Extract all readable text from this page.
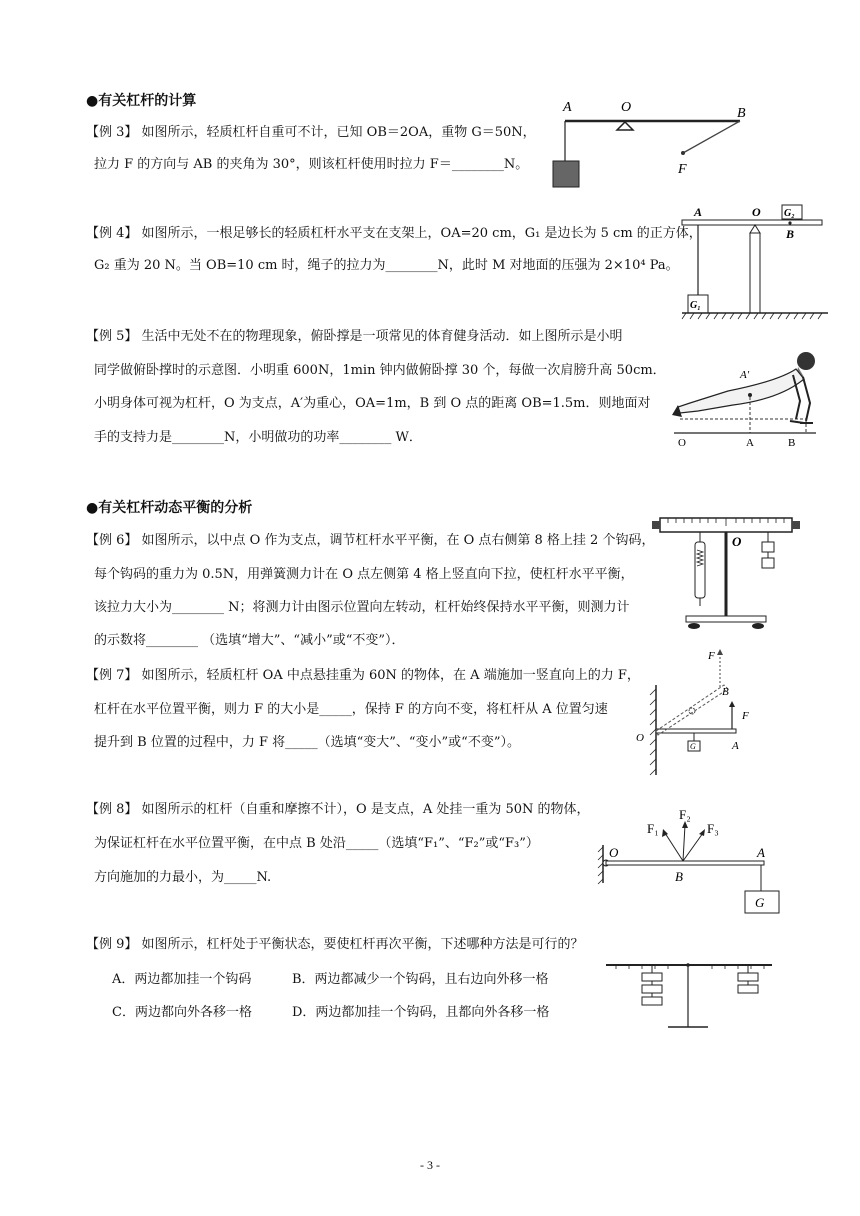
●有关杠杆的计算
【例 3】 如图所示，轻质杠杆自重可不计，已知 OB＝2OA，重物 G＝50N，
拉力 F 的方向与 AB 的夹角为 30°，则该杠杆使用时拉力 F＝________N。
A	O	B
F
【例 4】 如图所示，一根足够长的轻质杠杆水平支在支架上，OA=20 cm，G₁ 是边长为 5 cm 的正方体，
G₂ 重为 20 N。当 OB=10 cm 时，绳子的拉力为________N，此时 M 对地面的压强为 2×10⁴ Pa。
A	O G₂
B
G₁
【例 5】 生活中无处不在的物理现象，俯卧撑是一项常见的体育健身活动．如上图所示是小明
同学做俯卧撑时的示意图．小明重 600N，1min 钟内做俯卧撑 30 个，每做一次肩膀升高 50cm．
小明身体可视为杠杆，O 为支点，A′为重心，OA=1m，B 到 O 点的距离 OB=1.5m．则地面对
手的支持力是________N，小明做功的功率________ W．
A′
O	A	B
●有关杠杆动态平衡的分析
【例 6】 如图所示，以中点 O 作为支点，调节杠杆水平平衡，在 O 点右侧第 8 格上挂 2 个钩码，
每个钩码的重力为 0.5N，用弹簧测力计在 O 点左侧第 4 格上竖直向下拉，使杠杆水平平衡，
该拉力大小为________ N；将测力计由图示位置向左转动，杠杆始终保持水平平衡，则测力计
的示数将________ （选填“增大”、“减小”或“不变”）．
O
【例 7】 如图所示，轻质杠杆 OA 中点悬挂重为 60N 的物体，在 A 端施加一竖直向上的力 F，
杠杆在水平位置平衡，则力 F 的大小是_____，保持 F 的方向不变，将杠杆从 A 位置匀速
提升到 B 位置的过程中，力 F 将_____（选填“变大”、“变小”或“不变”）。	O
F
B
F
A
G
【例 8】 如图所示的杠杆（自重和摩擦不计），O 是支点，A 处挂一重为 50N 的物体，
为保证杠杆在水平位置平衡，在中点 B 处沿_____（选填“F₁”、“F₂”或“F₃”）
方向施加的力最小，为_____N.
O	A
B
F₁
F₂
F₃
G
【例 9】 如图所示，杠杆处于平衡状态，要使杠杆再次平衡，下述哪种方法是可行的？
A．两边都加挂一个钩码	B．两边都减少一个钩码，且右边向外移一格
C．两边都向外各移一格	D．两边都加挂一个钩码，且都向外各移一格
- 3 -
